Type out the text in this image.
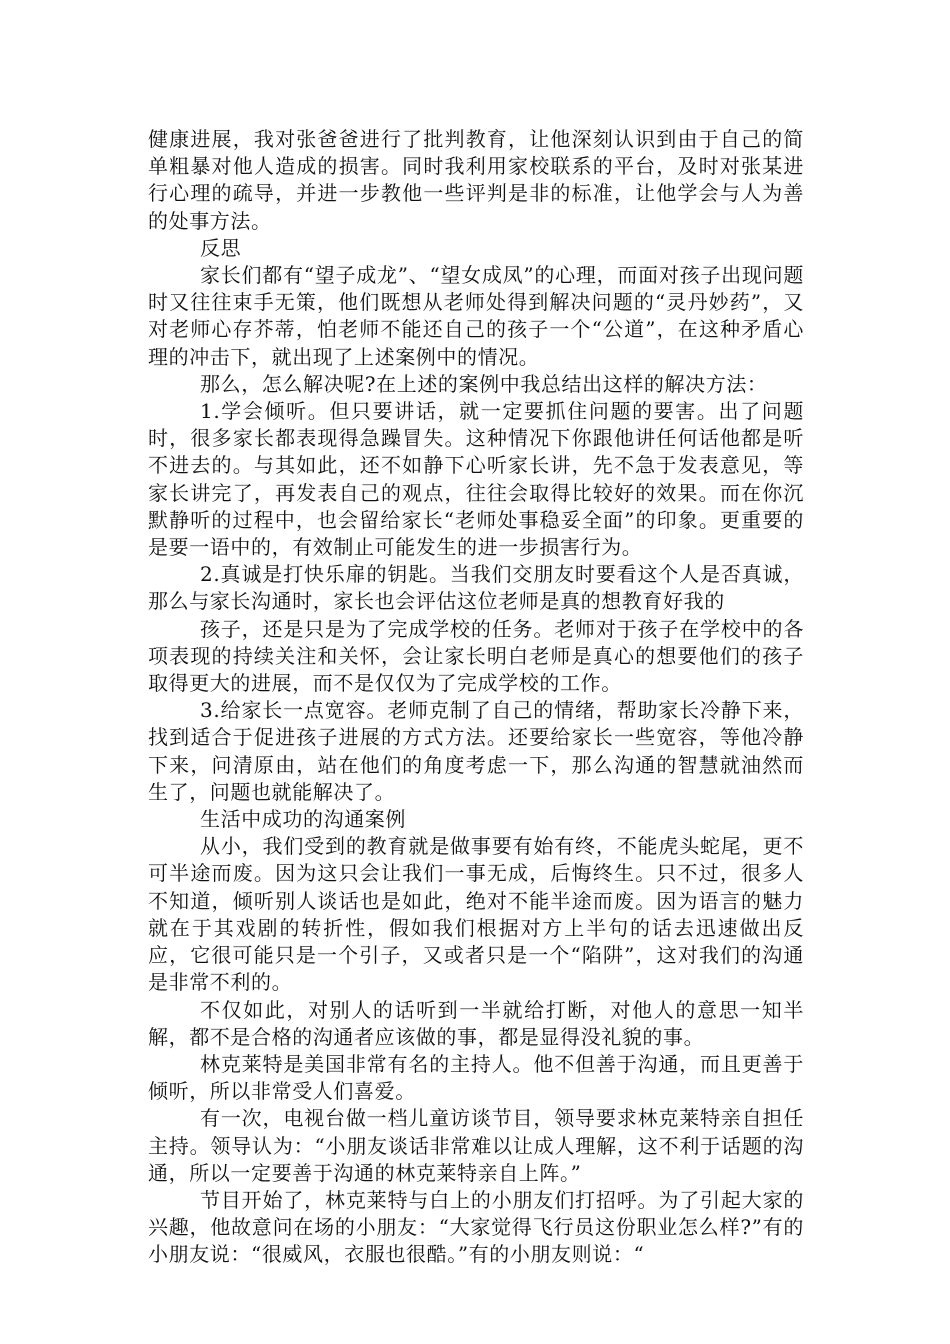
健康进展，我对张爸爸进行了批判教育，让他深刻认识到由于自己的简单粗暴对他人造成的损害。同时我利用家校联系的平台，及时对张某进行心理的疏导，并进一步教他一些评判是非的标准，让他学会与人为善的处事方法。

反思

家长们都有“望子成龙”、“望女成凤”的心理，而面对孩子出现问题时又往往束手无策，他们既想从老师处得到解决问题的“灵丹妙药”，又对老师心存芥蒂，怕老师不能还自己的孩子一个“公道”，在这种矛盾心理的冲击下，就出现了上述案例中的情况。

那么，怎么解决呢?在上述的案例中我总结出这样的解决方法：

1.学会倾听。但只要讲话，就一定要抓住问题的要害。出了问题时，很多家长都表现得急躁冒失。这种情况下你跟他讲任何话他都是听不进去的。与其如此，还不如静下心听家长讲，先不急于发表意见，等家长讲完了，再发表自己的观点，往往会取得比较好的效果。而在你沉默静听的过程中，也会留给家长“老师处事稳妥全面”的印象。更重要的是要一语中的，有效制止可能发生的进一步损害行为。

2.真诚是打快乐扉的钥匙。当我们交朋友时要看这个人是否真诚，那么与家长沟通时，家长也会评估这位老师是真的想教育好我的

孩子，还是只是为了完成学校的任务。老师对于孩子在学校中的各项表现的持续关注和关怀，会让家长明白老师是真心的想要他们的孩子取得更大的进展，而不是仅仅为了完成学校的工作。

3.给家长一点宽容。老师克制了自己的情绪，帮助家长冷静下来，找到适合于促进孩子进展的方式方法。还要给家长一些宽容，等他冷静下来，问清原由，站在他们的角度考虑一下，那么沟通的智慧就油然而生了，问题也就能解决了。

生活中成功的沟通案例

从小，我们受到的教育就是做事要有始有终，不能虎头蛇尾，更不可半途而废。因为这只会让我们一事无成，后悔终生。只不过，很多人不知道，倾听别人谈话也是如此，绝对不能半途而废。因为语言的魅力就在于其戏剧的转折性，假如我们根据对方上半句的话去迅速做出反应，它很可能只是一个引子，又或者只是一个“陷阱”，这对我们的沟通是非常不利的。

不仅如此，对别人的话听到一半就给打断，对他人的意思一知半解，都不是合格的沟通者应该做的事，都是显得没礼貌的事。

林克莱特是美国非常有名的主持人。他不但善于沟通，而且更善于倾听，所以非常受人们喜爱。

有一次，电视台做一档儿童访谈节目，领导要求林克莱特亲自担任主持。领导认为：“小朋友谈话非常难以让成人理解，这不利于话题的沟通，所以一定要善于沟通的林克莱特亲自上阵。”

节目开始了，林克莱特与白上的小朋友们打招呼。为了引起大家的兴趣，他故意问在场的小朋友：“大家觉得飞行员这份职业怎么样?”有的小朋友说：“很威风，衣服也很酷。”有的小朋友则说：“
